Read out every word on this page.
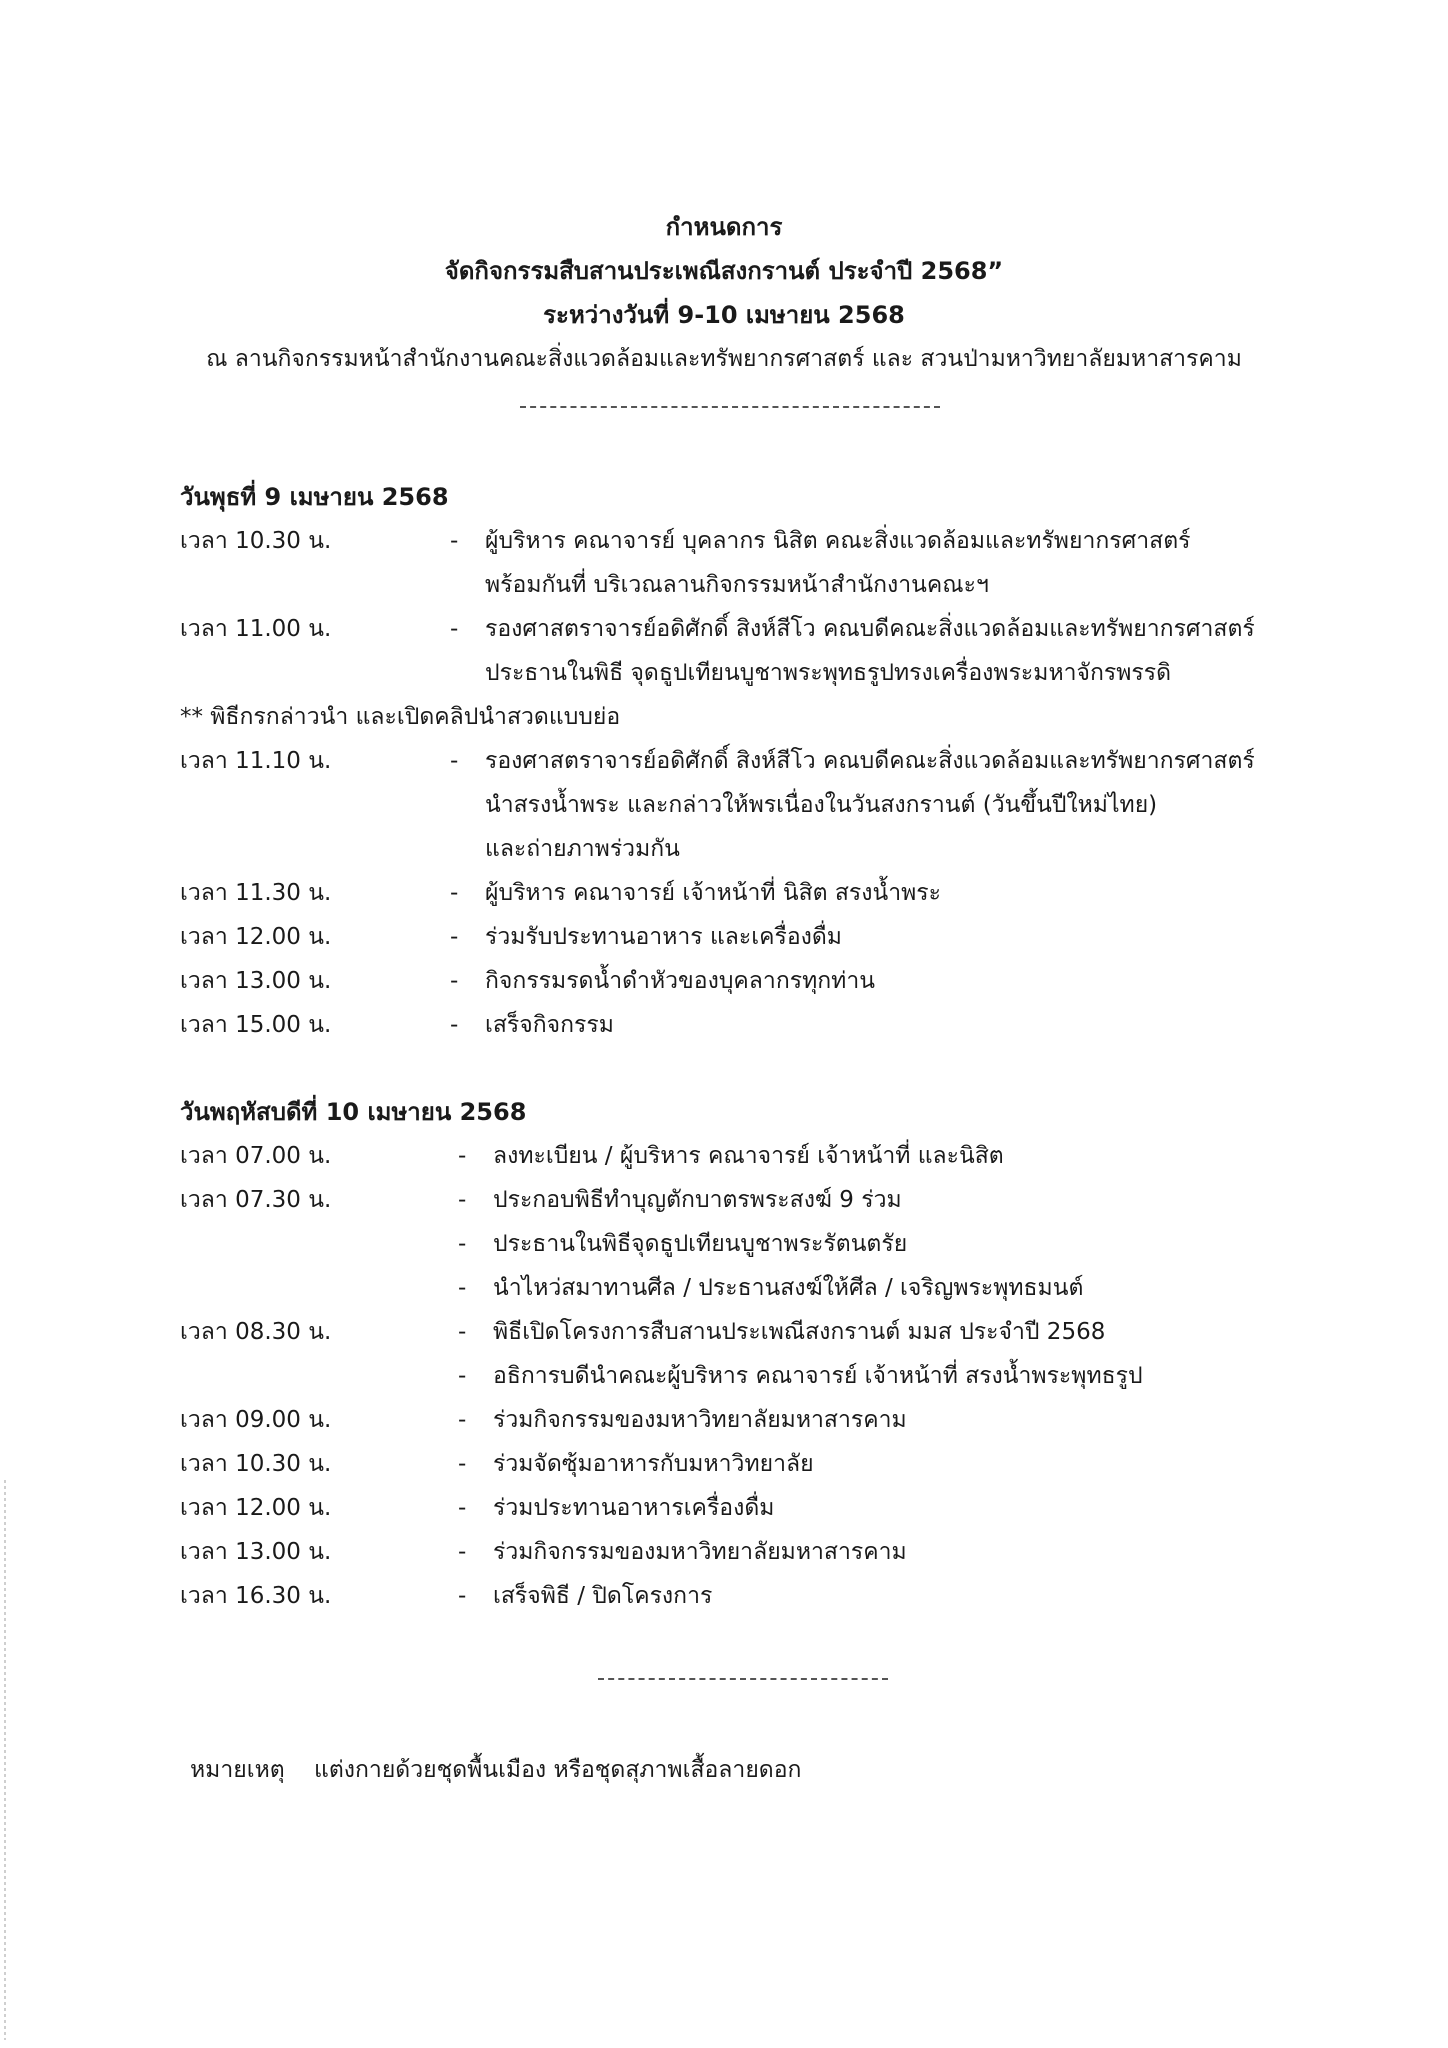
กำหนดการ
จัดกิจกรรมสืบสานประเพณีสงกรานต์ ประจำปี 2568”
ระหว่างวันที่ 9-10 เมษายน 2568
ณ ลานกิจกรรมหน้าสำนักงานคณะสิ่งแวดล้อมและทรัพยากรศาสตร์ และ สวนป่ามหาวิทยาลัยมหาสารคาม
วันพุธที่ 9 เมษายน 2568
เวลา 10.30 น.	- ผู้บริหาร คณาจารย์ บุคลากร นิสิต คณะสิ่งแวดล้อมและทรัพยากรศาสตร์
พร้อมกันที่ บริเวณลานกิจกรรมหน้าสำนักงานคณะฯ
เวลา 11.00 น.	- รองศาสตราจารย์อดิศักดิ์ สิงห์สีโว คณบดีคณะสิ่งแวดล้อมและทรัพยากรศาสตร์
ประธานในพิธี จุดธูปเทียนบูชาพระพุทธรูปทรงเครื่องพระมหาจักรพรรดิ
** พิธีกรกล่าวนำ และเปิดคลิปนำสวดแบบย่อ
เวลา 11.10 น.	- รองศาสตราจารย์อดิศักดิ์ สิงห์สีโว คณบดีคณะสิ่งแวดล้อมและทรัพยากรศาสตร์
นำสรงน้ำพระ และกล่าวให้พรเนื่องในวันสงกรานต์ (วันขึ้นปีใหม่ไทย)
และถ่ายภาพร่วมกัน
เวลา 11.30 น.	- ผู้บริหาร คณาจารย์ เจ้าหน้าที่ นิสิต สรงน้ำพระ
เวลา 12.00 น.	- ร่วมรับประทานอาหาร และเครื่องดื่ม
เวลา 13.00 น.	- กิจกรรมรดน้ำดำหัวของบุคลากรทุกท่าน
เวลา 15.00 น.	- เสร็จกิจกรรม
วันพฤหัสบดีที่ 10 เมษายน 2568
เวลา 07.00 น.	- ลงทะเบียน / ผู้บริหาร คณาจารย์ เจ้าหน้าที่ และนิสิต
เวลา 07.30 น.	- ประกอบพิธีทำบุญตักบาตรพระสงฆ์ 9 ร่วม
- ประธานในพิธีจุดธูปเทียนบูชาพระรัตนตรัย
- นำไหว่สมาทานศีล / ประธานสงฆ์ให้ศีล / เจริญพระพุทธมนต์
เวลา 08.30 น.	- พิธีเปิดโครงการสืบสานประเพณีสงกรานต์ มมส ประจำปี 2568
- อธิการบดีนำคณะผู้บริหาร คณาจารย์ เจ้าหน้าที่ สรงน้ำพระพุทธรูป
เวลา 09.00 น.	- ร่วมกิจกรรมของมหาวิทยาลัยมหาสารคาม
เวลา 10.30 น.	- ร่วมจัดซุ้มอาหารกับมหาวิทยาลัย
เวลา 12.00 น.	- ร่วมประทานอาหารเครื่องดื่ม
เวลา 13.00 น.	- ร่วมกิจกรรมของมหาวิทยาลัยมหาสารคาม
เวลา 16.30 น.	- เสร็จพิธี / ปิดโครงการ
หมายเหตุ แต่งกายด้วยชุดพื้นเมือง หรือชุดสุภาพเสื้อลายดอก
